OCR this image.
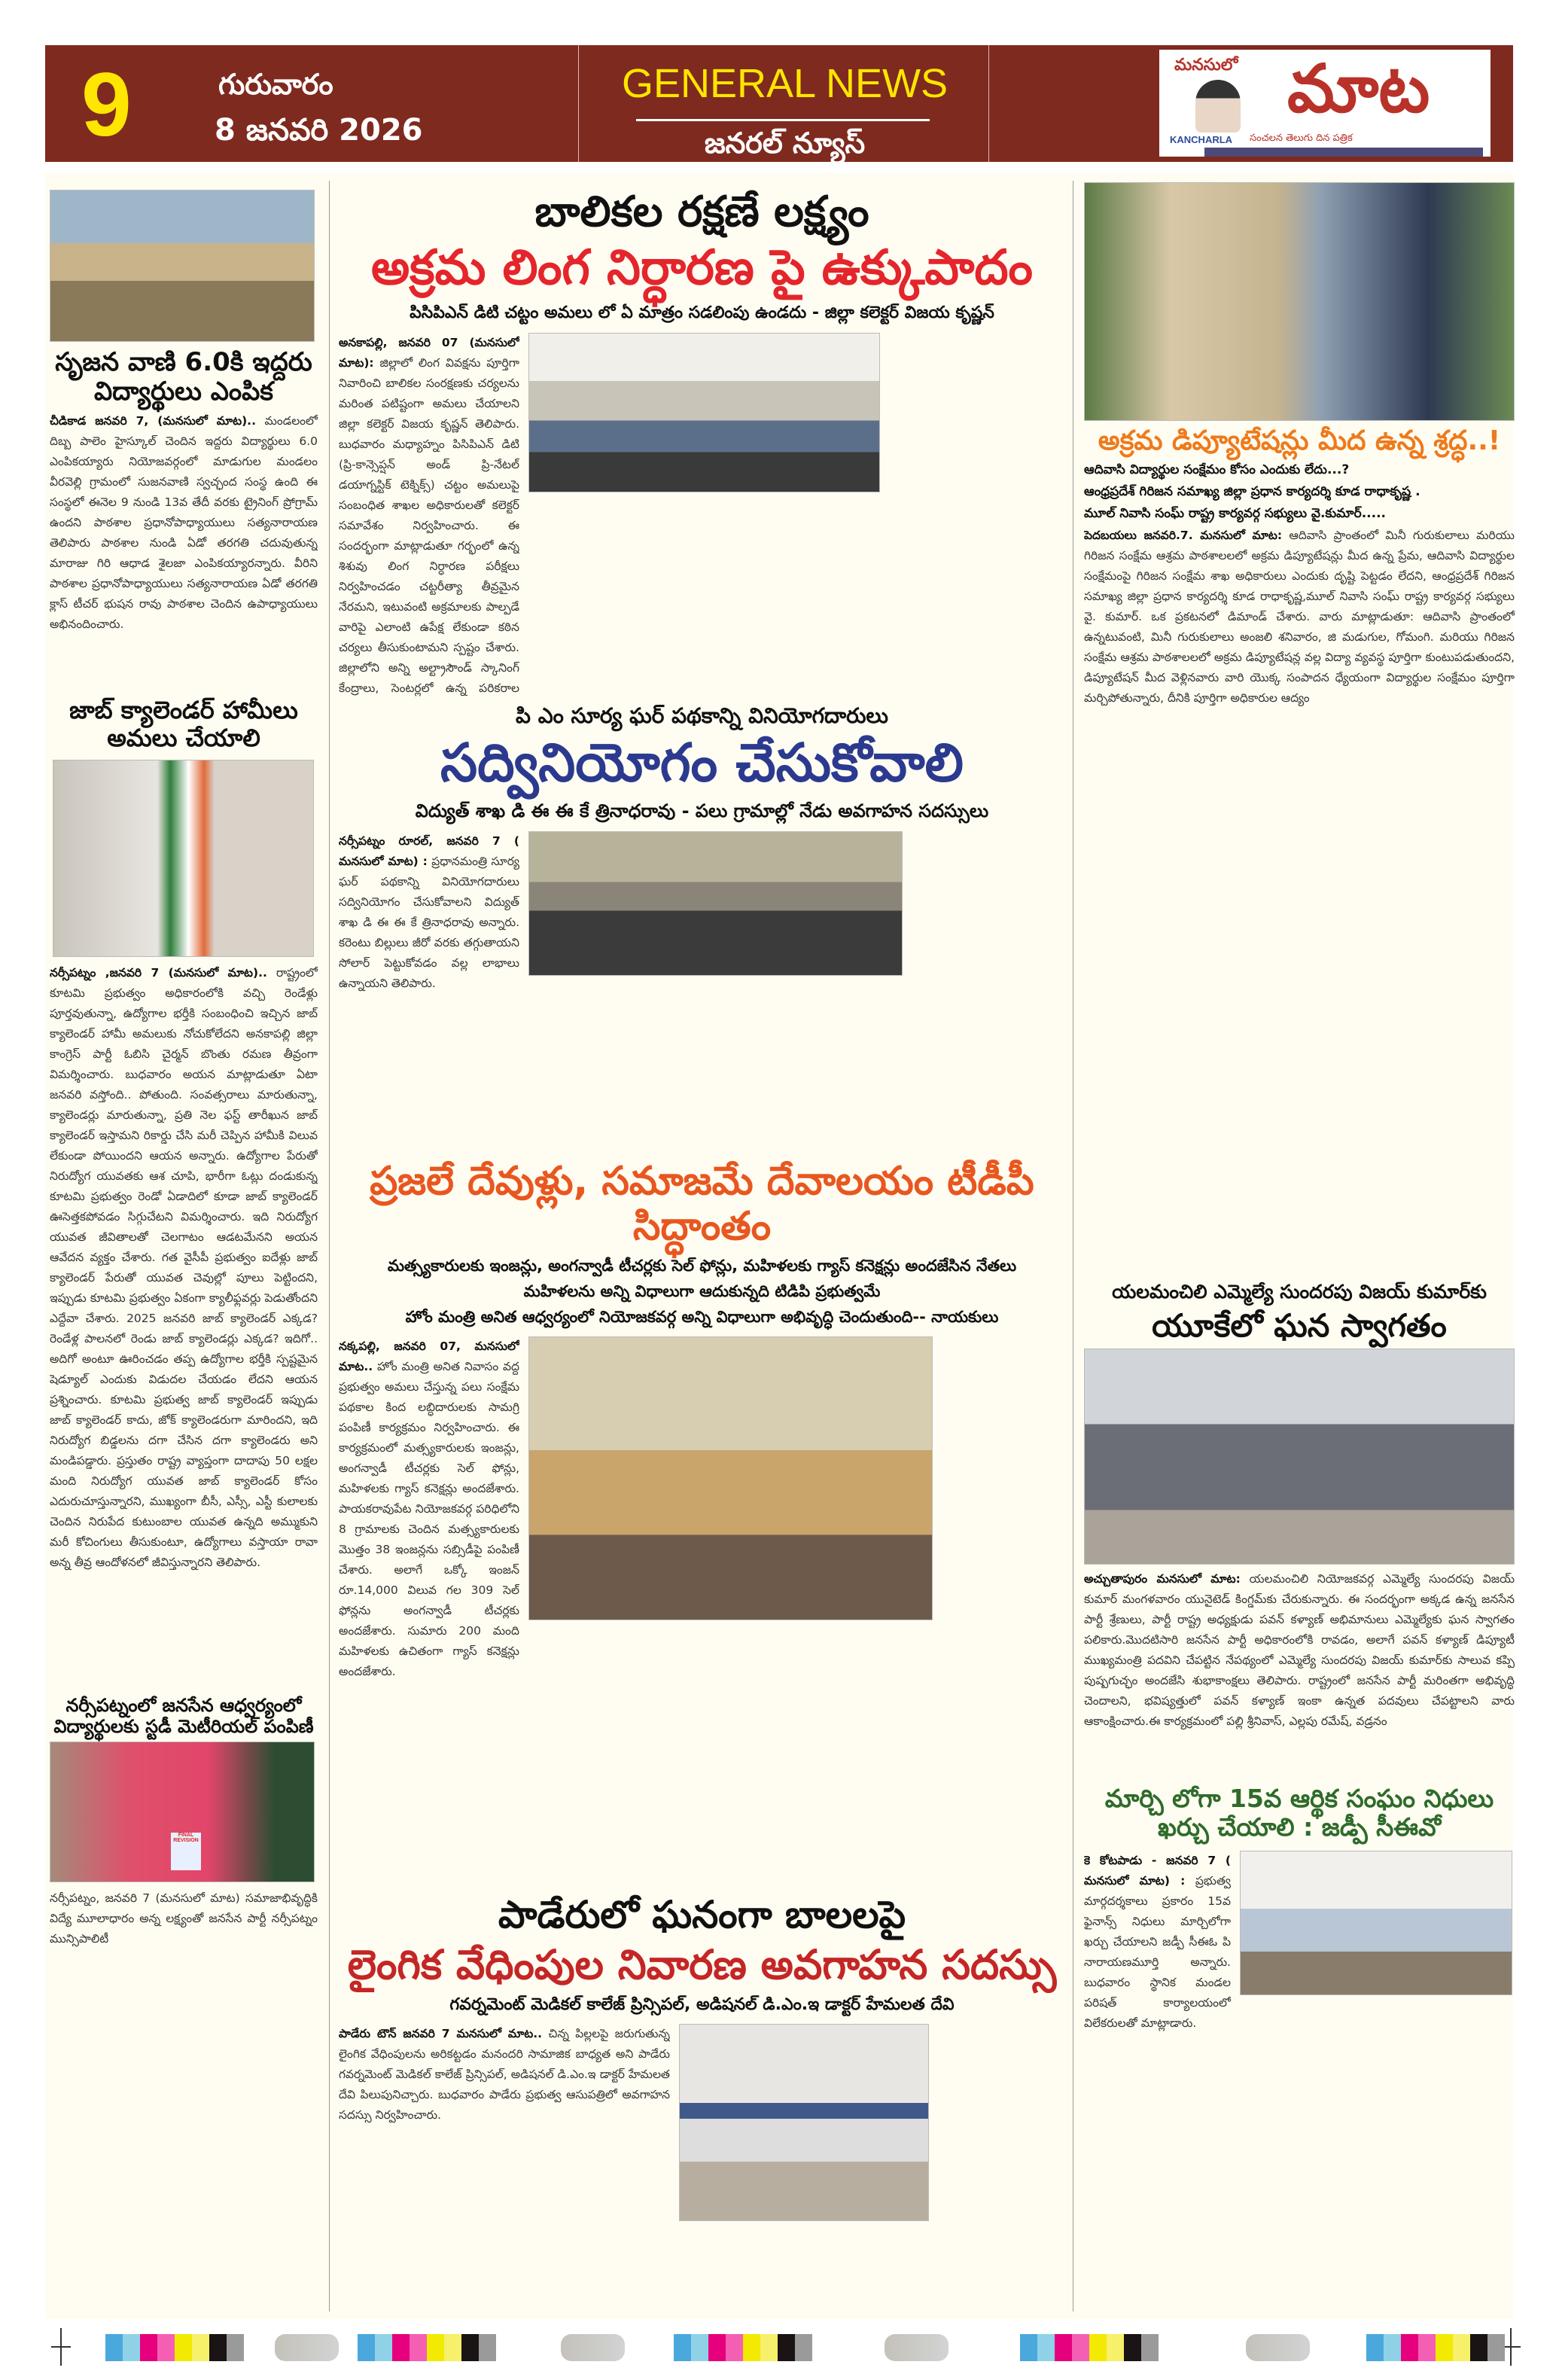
9	గురువారం
8 జనవరి 2026
GENERAL NEWS
జనరల్ న్యూస్
మనసులో మాట
KANCHARLA సంచలన తెలుగు దిన పత్రిక
సృజన వాణి 6.0కి ఇద్దరు విద్యార్థులు ఎంపిక
చీడికాడ జనవరి 7, (మనసులో మాట).. మండలంలో దిబ్బ పాలెం హైస్కూల్ చెందిన ఇద్దరు విద్యార్థులు 6.0 ఎంపికయ్యారు నియోజవర్గంలో మాడుగుల మండలం వీరవెల్లి గ్రామంలో సుజనవాణి స్వచ్ఛంద సంస్థ ఉంది ఈ సంస్థలో ఈనెల 9 నుండి 13వ తేదీ వరకు ట్రైనింగ్ ప్రోగ్రామ్ ఉందని పాఠశాల ప్రధానోపాధ్యాయులు సత్యనారాయణ తెలిపారు పాఠశాల నుండి ఏడో తరగతి చదువుతున్న మారాజు గిరి ఆధాడ శైలజా ఎంపికయ్యారన్నారు. వీరిని పాఠశాల ప్రధానోపాధ్యాయులు సత్యనారాయణ ఏడో తరగతి క్లాస్ టీచర్ భుషన రావు పాఠశాల చెందిన ఉపాధ్యాయులు అభినందించారు.
జాబ్ క్యాలెండర్ హామీలు అమలు చేయాలి
నర్సీపట్నం ,జనవరి 7 (మనసులో మాట).. రాష్ట్రంలో కూటమి ప్రభుత్వం అధికారంలోకి వచ్చి రెండేళ్లు పూర్తవుతున్నా, ఉద్యోగాల భర్తీకి సంబంధించి ఇచ్చిన జాబ్ క్యాలెండర్ హామీ అమలుకు నోచుకోలేదని అనకాపల్లి జిల్లా కాంగ్రెస్ పార్టీ ఓబిసి చైర్మన్ బొంతు రమణ తీవ్రంగా విమర్శించారు. బుధవారం అయన మాట్లాడుతూ ఏటా జనవరి వస్తోంది.. పోతుంది. సంవత్సరాలు మారుతున్నా, క్యాలెండర్లు మారుతున్నా, ప్రతి నెల ఫస్ట్ తారీఖున జాబ్ క్యాలెండర్ ఇస్తామని రికార్డు చేసి మరీ చెప్పిన హామీకి విలువ లేకుండా పోయిందని ఆయన అన్నారు. ఉద్యోగాల పేరుతో నిరుద్యోగ యువతకు ఆశ చూపి, భారీగా ఓట్లు దండుకున్న కూటమి ప్రభుత్వం రెండో ఏడాదిలో కూడా జాబ్ క్యాలెండర్ ఊసెత్తకపోవడం సిగ్గుచేటని విమర్శించారు. ఇది నిరుద్యోగ యువత జీవితాలతో చెలగాటం ఆడటమేనని అయన ఆవేదన వ్యక్తం చేశారు. గత వైసీపీ ప్రభుత్వం ఐదేళ్లు జాబ్ క్యాలెండర్ పేరుతో యువత చెవుల్లో పూలు పెట్టిందని, ఇప్పుడు కూటమి ప్రభుత్వం ఏకంగా క్యాలీఫ్లవర్లు పెడుతోందని ఎద్దేవా చేశారు. 2025 జనవరి జాబ్ క్యాలెండర్ ఎక్కడ? రెండేళ్ల పాలనలో రెండు జాబ్ క్యాలెండర్లు ఎక్కడ? ఇదిగో.. అదిగో అంటూ ఊరించడం తప్ప ఉద్యోగాల భర్తీకి స్పష్టమైన షెడ్యూల్ ఎందుకు విడుదల చేయడం లేదని ఆయన ప్రశ్నించారు. కూటమి ప్రభుత్వ జాబ్ క్యాలెండర్ ఇప్పుడు జాబ్ క్యాలెండర్ కాదు, జోక్ క్యాలెండరుగా మారిందని, ఇది నిరుద్యోగ బిడ్డలను దగా చేసిన దగా క్యాలెండరు అని మండిపడ్డారు. ప్రస్తుతం రాష్ట్ర వ్యాప్తంగా దాదాపు 50 లక్షల మంది నిరుద్యోగ యువత జాబ్ క్యాలెండర్ కోసం ఎదురుచూస్తున్నారని, ముఖ్యంగా బీసీ, ఎస్సీ, ఎస్టీ కులాలకు చెందిన నిరుపేద కుటుంబాల యువత ఉన్నది అమ్ముకుని మరీ కోచింగులు తీసుకుంటూ, ఉద్యోగాలు వస్తాయా రావా అన్న తీవ్ర ఆందోళనలో జీవిస్తున్నారని తెలిపారు.
నర్సీపట్నంలో జనసేన ఆధ్వర్యంలో విద్యార్థులకు స్టడీ మెటీరియల్ పంపిణీ
FINAL REVISION
నర్సీపట్నం, జనవరి 7 (మనసులో మాట) సమాజాభివృద్ధికి విద్యే మూలాధారం అన్న లక్ష్యంతో జనసేన పార్టీ నర్సీపట్నం మున్సిపాలిటీ
బాలికల రక్షణే లక్ష్యం
అక్రమ లింగ నిర్ధారణ పై ఉక్కుపాదం
పిసిపిఎన్ డిటి చట్టం అమలు లో ఏ మాత్రం సడలింపు ఉండదు - జిల్లా కలెక్టర్ విజయ కృష్ణన్
అనకాపల్లి, జనవరి 07 (మనసులో మాట): జిల్లాలో లింగ వివక్షను పూర్తిగా నివారించి బాలికల సంరక్షణకు చర్యలను మరింత పటిష్టంగా అమలు చేయాలని జిల్లా కలెక్టర్ విజయ కృష్ణన్ తెలిపారు. బుధవారం మధ్యాహ్నం పిసిపిఎన్ డిటి (ప్రి-కాన్సెప్షన్ అండ్ ప్రి-నేటల్ డయాగ్నస్టిక్ టెక్నిక్స్) చట్టం అమలుపై సంబంధిత శాఖల అధికారులతో కలెక్టర్ సమావేశం నిర్వహించారు. ఈ సందర్భంగా మాట్లాడుతూ గర్భంలో ఉన్న శిశువు లింగ నిర్ధారణ పరీక్షలు నిర్వహించడం చట్టరీత్యా తీవ్రమైన నేరమని, ఇటువంటి అక్రమాలకు పాల్పడే వారిపై ఎలాంటి ఉపేక్ష లేకుండా కఠిన చర్యలు తీసుకుంటామని స్పష్టం చేశారు. జిల్లాలోని అన్ని అల్ట్రాసౌండ్ స్కానింగ్ కేంద్రాలు, సెంటర్లలో ఉన్న పరికరాల
పి ఎం సూర్య ఘర్ పథకాన్ని వినియోగదారులు
సద్వినియోగం చేసుకోవాలి
విద్యుత్ శాఖ డి ఈ ఈ కే త్రినాధరావు - పలు గ్రామాల్లో నేడు అవగాహన సదస్సులు
నర్సీపట్నం రూరల్, జనవరి 7 ( మనసులో మాట) : ప్రధానమంత్రి సూర్య ఘర్ పథకాన్ని వినియోగదారులు సద్వినియోగం చేసుకోవాలని విద్యుత్ శాఖ డి ఈ ఈ కే త్రినాధరావు అన్నారు. కరెంటు బిల్లులు జీరో వరకు తగ్గుతాయని సోలార్ పెట్టుకోవడం వల్ల లాభాలు ఉన్నాయని తెలిపారు.
ప్రజలే దేవుళ్లు, సమాజమే దేవాలయం టీడీపీ సిద్ధాంతం
మత్స్యకారులకు ఇంజన్లు, అంగన్వాడీ టీచర్లకు సెల్ ఫోన్లు, మహిళలకు గ్యాస్ కనెక్షన్లు అందజేసిన నేతలు
మహిళలను అన్ని విధాలుగా ఆదుకున్నది టిడిపి ప్రభుత్వమే
హోం మంత్రి అనిత ఆధ్వర్యంలో నియోజకవర్గ అన్ని విధాలుగా అభివృద్ధి చెందుతుంది-- నాయకులు
నక్కపల్లి, జనవరి 07, మనసులో మాట.. హోం మంత్రి అనిత నివాసం వద్ద ప్రభుత్వం అమలు చేస్తున్న పలు సంక్షేమ పథకాల కింద లబ్ధిదారులకు సామగ్రి పంపిణీ కార్యక్రమం నిర్వహించారు. ఈ కార్యక్రమంలో మత్స్యకారులకు ఇంజన్లు, అంగన్వాడీ టీచర్లకు సెల్ ఫోన్లు, మహిళలకు గ్యాస్ కనెక్షన్లు అందజేశారు. పాయకరావుపేట నియోజకవర్గ పరిధిలోని 8 గ్రామాలకు చెందిన మత్స్యకారులకు మొత్తం 38 ఇంజన్లను సబ్సిడీపై పంపిణీ చేశారు. అలాగే ఒక్కో ఇంజన్ రూ.14,000 విలువ గల 309 సెల్ ఫోన్లను అంగన్వాడీ టీచర్లకు అందజేశారు. సుమారు 200 మంది మహిళలకు ఉచితంగా గ్యాస్ కనెక్షన్లు అందజేశారు.
పాడేరులో ఘనంగా బాలలపై
లైంగిక వేధింపుల నివారణ అవగాహన సదస్సు
గవర్నమెంట్ మెడికల్ కాలేజ్ ప్రిన్సిపల్, అడిషనల్ డి.ఎం.ఇ డాక్టర్ హేమలత దేవి
పాడేరు టౌన్ జనవరి 7 మనసులో మాట.. చిన్న పిల్లలపై జరుగుతున్న లైంగిక వేధింపులను అరికట్టడం మనందరి సామాజిక బాధ్యత అని పాడేరు గవర్నమెంట్ మెడికల్ కాలేజ్ ప్రిన్సిపల్, అడిషనల్ డి.ఎం.ఇ డాక్టర్ హేమలత దేవి పిలుపునిచ్చారు. బుధవారం పాడేరు ప్రభుత్వ ఆసుపత్రిలో అవగాహన సదస్సు నిర్వహించారు.
అక్రమ డిప్యూటేషన్లు మీద ఉన్న శ్రద్ధ..!
ఆదివాసి విద్యార్థుల సంక్షేమం కోసం ఎందుకు లేదు...?
ఆంధ్రప్రదేశ్ గిరిజన సమాఖ్య జిల్లా ప్రధాన కార్యదర్శి కూడ రాధాకృష్ణ .
మూల్ నివాసి సంఘ్ రాష్ట్ర కార్యవర్గ సభ్యులు వై.కుమార్.....
పెదబయలు జనవరి.7. మనసులో మాట: ఆదివాసి ప్రాంతంలో మినీ గురుకులాలు మరియు గిరిజన సంక్షేమ ఆశ్రమ పాఠశాలలలో అక్రమ డిప్యూటేషన్లు మీద ఉన్న ప్రేమ, ఆదివాసి విద్యార్థుల సంక్షేమంపై గిరిజన సంక్షేమ శాఖ అధికారులు ఎందుకు దృష్టి పెట్టడం లేదని, ఆంధ్రప్రదేశ్ గిరిజన సమాఖ్య జిల్లా ప్రధాన కార్యదర్శి కూడ రాధాకృష్ణ,మూల్ నివాసి సంఘ్ రాష్ట్ర కార్యవర్గ సభ్యులు వై. కుమార్. ఒక ప్రకటనలో డిమాండ్ చేశారు. వారు మాట్లాడుతూ: ఆదివాసి ప్రాంతంలో ఉన్నటువంటి, మినీ గురుకులాలు అంజలి శనివారం, జి మడుగుల, గోమంగి. మరియు గిరిజన సంక్షేమ ఆశ్రమ పాఠశాలలలో అక్రమ డిప్యూటేషన్ల వల్ల విద్యా వ్యవస్థ పూర్తిగా కుంటుపడుతుందని, డిప్యూటేషన్ మీద వెళ్లినవారు వారి యొక్క సంపాదన ధ్యేయంగా విద్యార్థుల సంక్షేమం పూర్తిగా మర్చిపోతున్నారు, దీనికి పూర్తిగా అధికారుల ఆద్యం
యలమంచిలి ఎమ్మెల్యే సుందరపు విజయ్ కుమార్‌కు
యూకేలో ఘన స్వాగతం
అచ్చుతాపురం మనసులో మాట: యలమంచిలి నియోజకవర్గ ఎమ్మెల్యే సుందరపు విజయ్ కుమార్ మంగళవారం యునైటెడ్ కింగ్డమ్‌కు చేరుకున్నారు. ఈ సందర్భంగా అక్కడ ఉన్న జనసేన పార్టీ శ్రేణులు, పార్టీ రాష్ట్ర అధ్యక్షుడు పవన్ కళ్యాణ్ అభిమానులు ఎమ్మెల్యేకు ఘన స్వాగతం పలికారు.మొదటిసారి జనసేన పార్టీ అధికారంలోకి రావడం, అలాగే పవన్ కళ్యాణ్ డిప్యూటీ ముఖ్యమంత్రి పదవిని చేపట్టిన నేపథ్యంలో ఎమ్మెల్యే సుందరపు విజయ్ కుమార్‌కు సాలువ కప్పి పుష్పగుచ్ఛం అందజేసి శుభాకాంక్షలు తెలిపారు. రాష్ట్రంలో జనసేన పార్టీ మరింతగా అభివృద్ధి చెందాలని, భవిష్యత్తులో పవన్ కళ్యాణ్ ఇంకా ఉన్నత పదవులు చేపట్టాలని వారు ఆకాంక్షించారు.ఈ కార్యక్రమంలో పల్లి శ్రీనివాస్, ఎల్లపు రమేష్, వడ్రనం
మార్చి లోగా 15వ ఆర్థిక సంఘం నిధులు ఖర్చు చేయాలి : జడ్పీ సీఈవో
కె కోటపాడు - జనవరి 7 ( మనసులో మాట) : ప్రభుత్వ మార్గదర్శకాలు ప్రకారం 15వ ఫైనాన్స్ నిధులు మార్చిలోగా ఖర్చు చేయాలని జడ్పీ సీఈఓ పి నారాయణమూర్తి అన్నారు. బుధవారం స్థానిక మండల పరిషత్ కార్యాలయంలో విలేకరులతో మాట్లాడారు.
